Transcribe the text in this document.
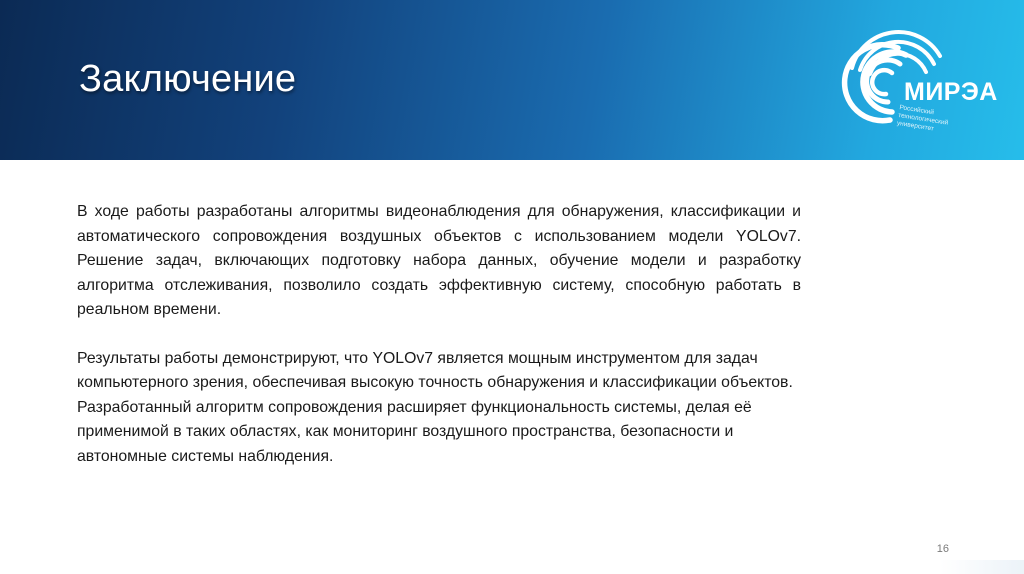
Заключение	МИРЭА
Российский технологический университет

В ходе работы разработаны алгоритмы видеонаблюдения для обнаружения, классификации и автоматического сопровождения воздушных объектов с использованием модели YOLOv7. Решение задач, включающих подготовку набора данных, обучение модели и разработку алгоритма отслеживания, позволило создать эффективную систему, способную работать в реальном времени.

Результаты работы демонстрируют, что YOLOv7 является мощным инструментом для задач компьютерного зрения, обеспечивая высокую точность обнаружения и классификации объектов. Разработанный алгоритм сопровождения расширяет функциональность системы, делая её применимой в таких областях, как мониторинг воздушного пространства, безопасности и автономные системы наблюдения.

16
